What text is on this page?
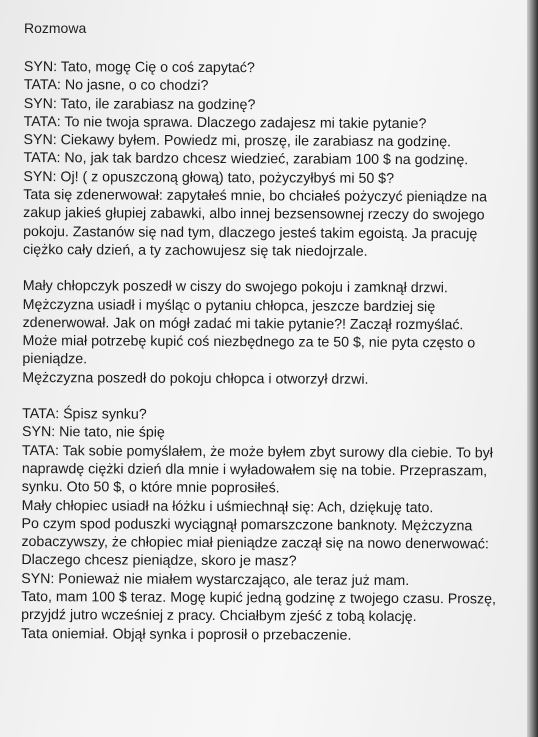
Rozmowa
SYN: Tato, mogę Cię o coś zapytać?
TATA: No jasne, o co chodzi?
SYN: Tato, ile zarabiasz na godzinę?
TATA: To nie twoja sprawa. Dlaczego zadajesz mi takie pytanie?
SYN: Ciekawy byłem. Powiedz mi, proszę, ile zarabiasz na godzinę.
TATA: No, jak tak bardzo chcesz wiedzieć, zarabiam 100 $ na godzinę.
SYN: Oj! ( z opuszczoną głową) tato, pożyczyłbyś mi 50 $?
Tata się zdenerwował: zapytałeś mnie, bo chciałeś pożyczyć pieniądze na
zakup jakieś głupiej zabawki, albo innej bezsensownej rzeczy do swojego
pokoju. Zastanów się nad tym, dlaczego jesteś takim egoistą. Ja pracuję
ciężko cały dzień, a ty zachowujesz się tak niedojrzale.
Mały chłopczyk poszedł w ciszy do swojego pokoju i zamknął drzwi.
Mężczyzna usiadł i myśląc o pytaniu chłopca, jeszcze bardziej się
zdenerwował. Jak on mógł zadać mi takie pytanie?! Zaczął rozmyślać.
Może miał potrzebę kupić coś niezbędnego za te 50 $, nie pyta często o
pieniądze.
Mężczyzna poszedł do pokoju chłopca i otworzył drzwi.
TATA: Śpisz synku?
SYN: Nie tato, nie śpię
TATA: Tak sobie pomyślałem, że może byłem zbyt surowy dla ciebie. To był
naprawdę ciężki dzień dla mnie i wyładowałem się na tobie. Przepraszam,
synku. Oto 50 $, o które mnie poprosiłeś.
Mały chłopiec usiadł na łóżku i uśmiechnął się: Ach, dziękuję tato.
Po czym spod poduszki wyciągnął pomarszczone banknoty. Mężczyzna
zobaczywszy, że chłopiec miał pieniądze zaczął się na nowo denerwować:
Dlaczego chcesz pieniądze, skoro je masz?
SYN: Ponieważ nie miałem wystarczająco, ale teraz już mam.
Tato, mam 100 $ teraz. Mogę kupić jedną godzinę z twojego czasu. Proszę,
przyjdź jutro wcześniej z pracy. Chciałbym zjeść z tobą kolację.
Tata oniemiał. Objął synka i poprosił o przebaczenie.
